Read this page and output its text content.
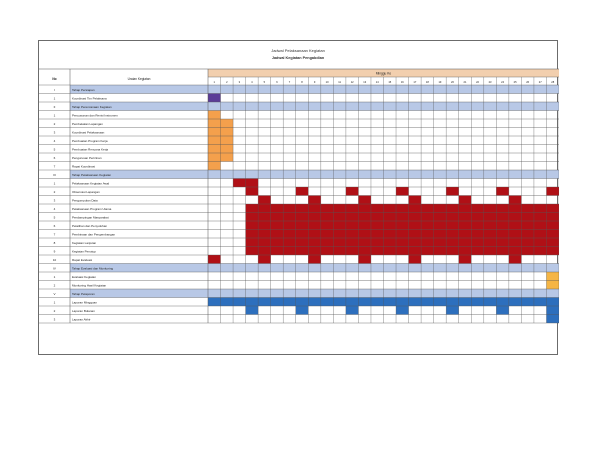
Jadwal Pelaksanaan Kegiatan
Jadwal Kegiatan Pengabdian
Minggu Ke
No	Uraian Kegiatan
1	2	3	4	5	6	7	8	9	10	11	12	13	14	15	16	17	18	19	20	21	22	23	24	25	26	27	28
I	Tahap Persiapan
1	Koordinasi Tim Pelaksana
II	Tahap Perencanaan Kegiatan
1	Penyusunan dan Revisi Instrumen
2	Pembekalan Lapangan
3	Koordinasi Pelaksanaan
4	Pembuatan Program Kerja
5	Pembuatan Rencana Kerja
6	Pengurusan Perizinan
7	Rapat Koordinasi
III	Tahap Pelaksanaan Kegiatan
1	Pelaksanaan Kegiatan Awal
2	Observasi Lapangan
3	Pengumpulan Data
4	Pelaksanaan Program Utama
5	Pendampingan Masyarakat
6	Pelatihan dan Penyuluhan
7	Pembinaan dan Pengembangan
8	Kegiatan Lanjutan
9	Kegiatan Penutup
10	Rapat Evaluasi
IV	Tahap Evaluasi dan Monitoring
1	Evaluasi Kegiatan
2	Monitoring Hasil Kegiatan
V	Tahap Pelaporan
1	Laporan Mingguan
2	Laporan Bulanan
3	Laporan Akhir
